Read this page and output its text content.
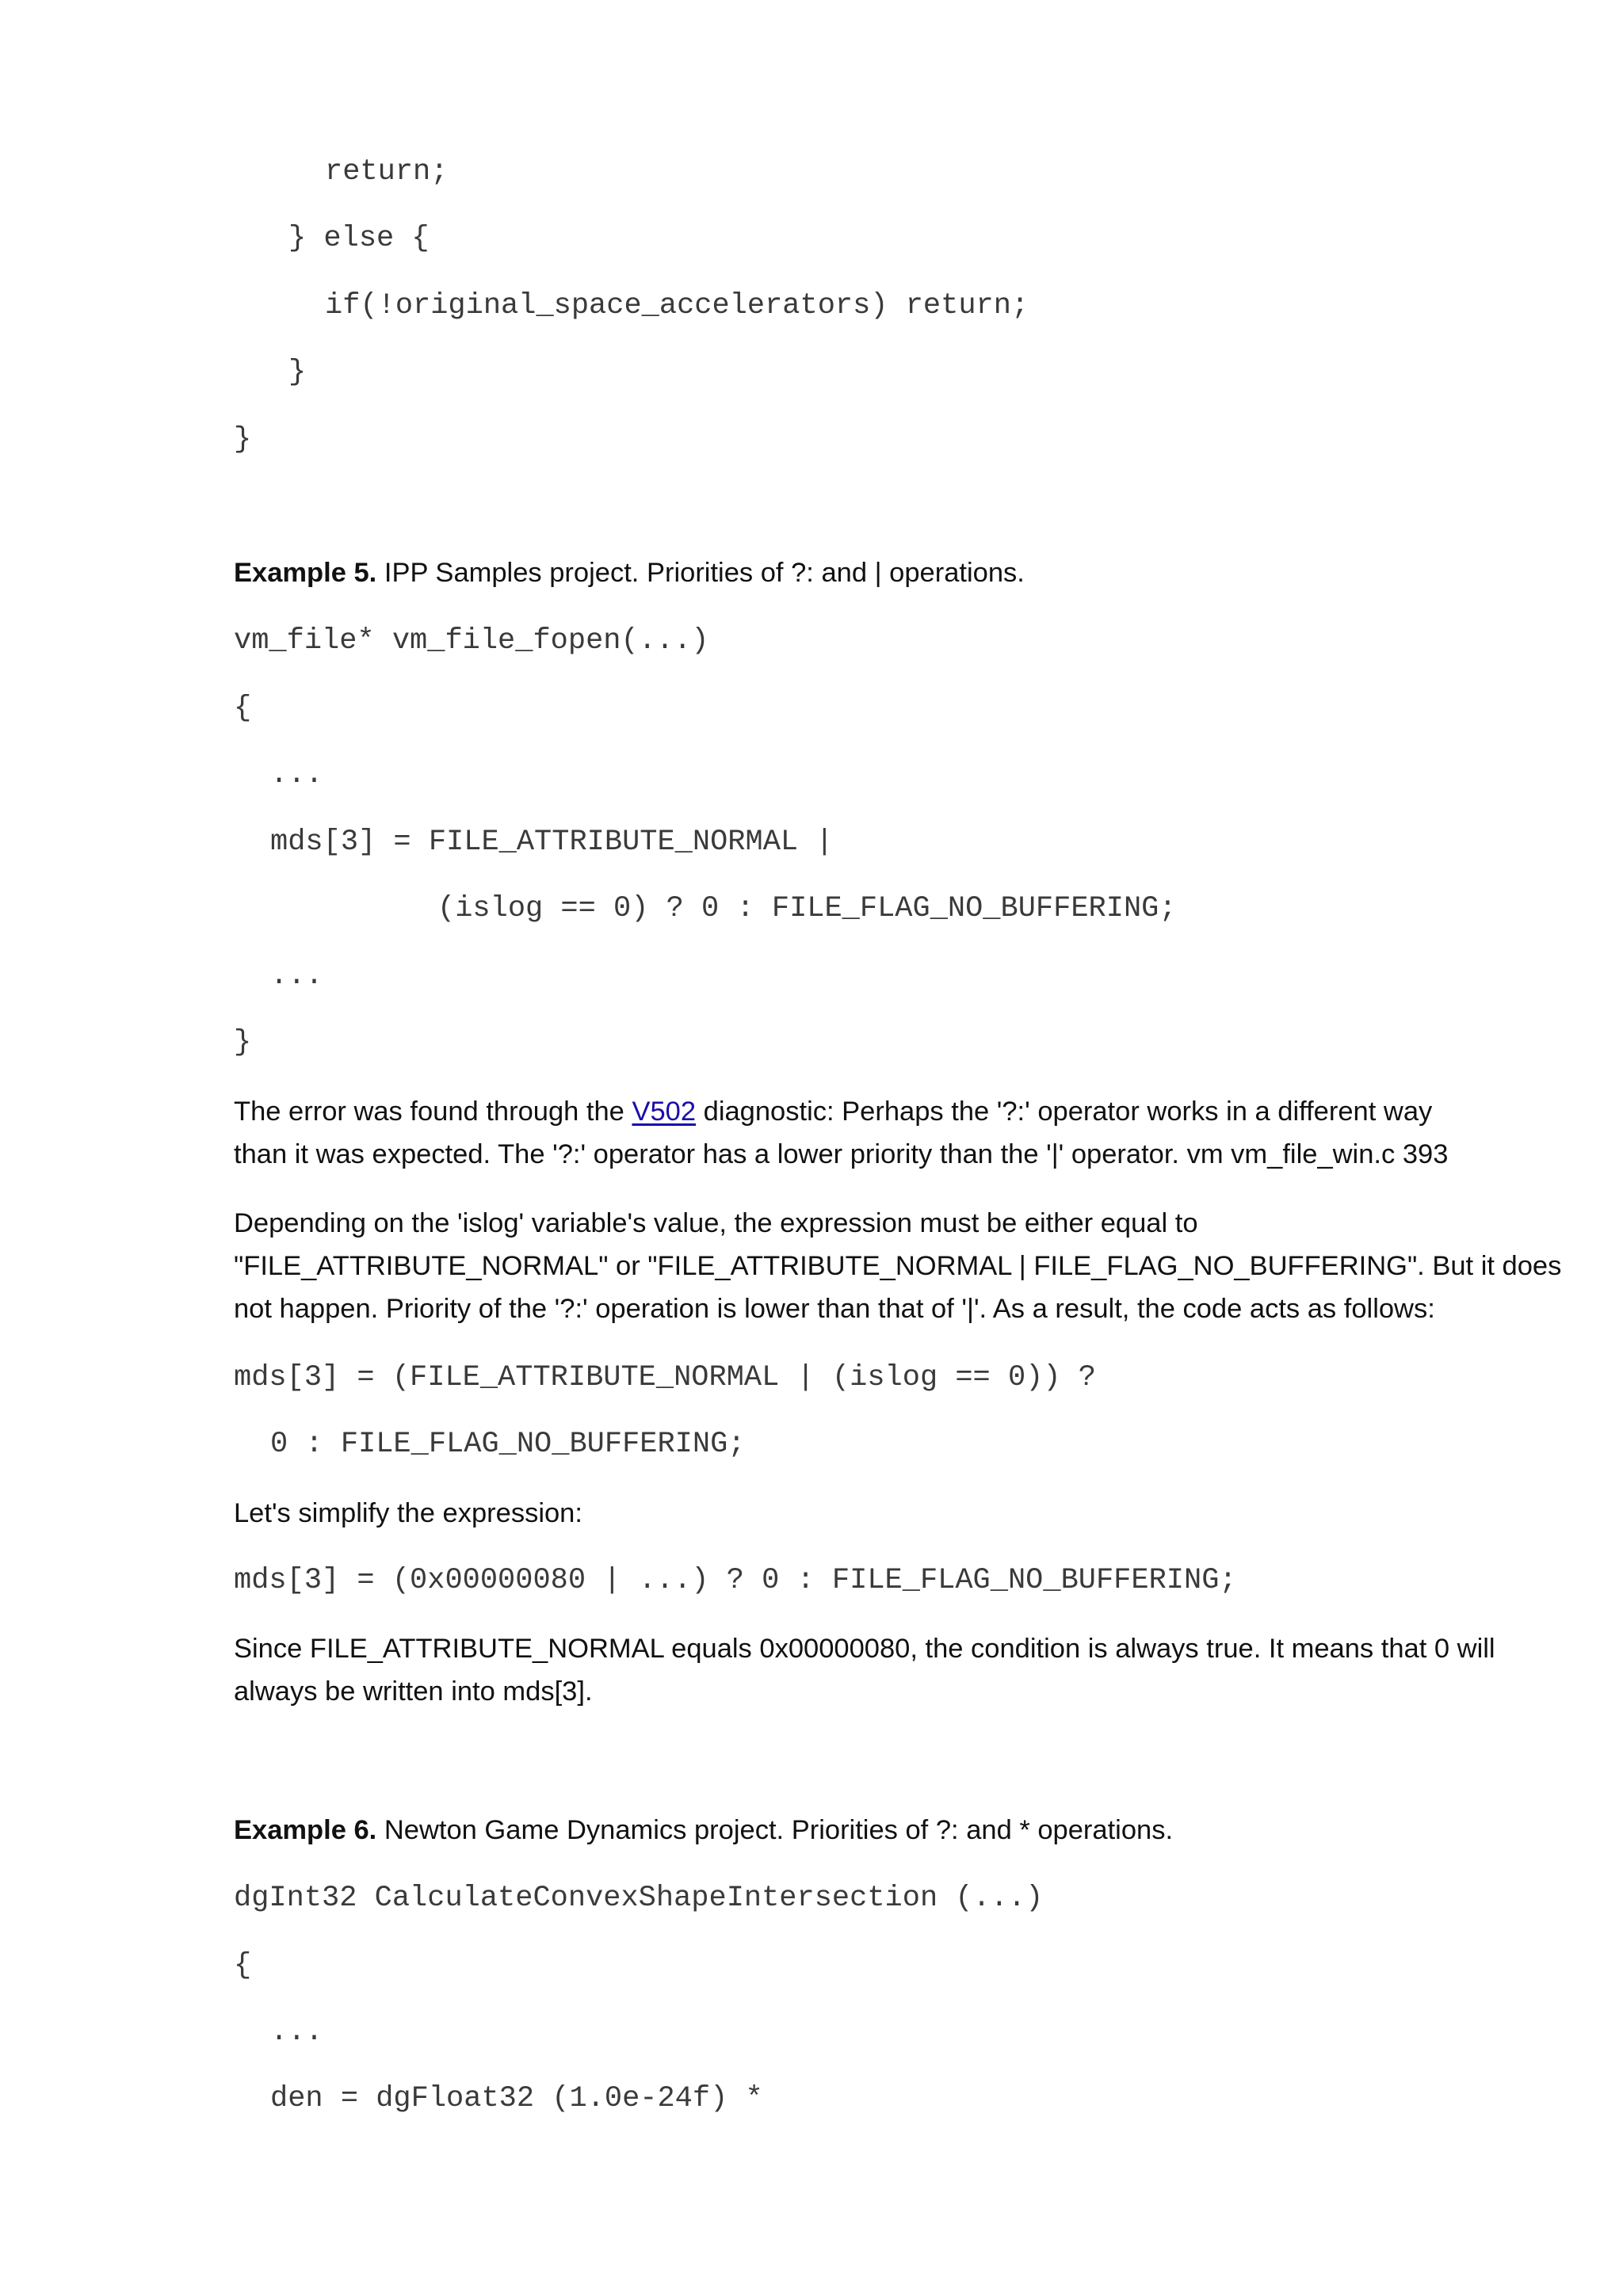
return;
} else {
if(!original_space_accelerators) return;
}
}
Example 5. IPP Samples project. Priorities of ?: and | operations.
vm_file* vm_file_fopen(...)
{
...
mds[3] = FILE_ATTRIBUTE_NORMAL |
(islog == 0) ? 0 : FILE_FLAG_NO_BUFFERING;
...
}
The error was found through the V502 diagnostic: Perhaps the '?:' operator works in a different way
than it was expected. The '?:' operator has a lower priority than the '|' operator. vm vm_file_win.c 393
Depending on the 'islog' variable's value, the expression must be either equal to
"FILE_ATTRIBUTE_NORMAL" or "FILE_ATTRIBUTE_NORMAL | FILE_FLAG_NO_BUFFERING". But it does
not happen. Priority of the '?:' operation is lower than that of '|'. As a result, the code acts as follows:
mds[3] = (FILE_ATTRIBUTE_NORMAL | (islog == 0)) ?
0 : FILE_FLAG_NO_BUFFERING;
Let's simplify the expression:
mds[3] = (0x00000080 | ...) ? 0 : FILE_FLAG_NO_BUFFERING;
Since FILE_ATTRIBUTE_NORMAL equals 0x00000080, the condition is always true. It means that 0 will
always be written into mds[3].
Example 6. Newton Game Dynamics project. Priorities of ?: and * operations.
dgInt32 CalculateConvexShapeIntersection (...)
{
...
den = dgFloat32 (1.0e-24f) *
